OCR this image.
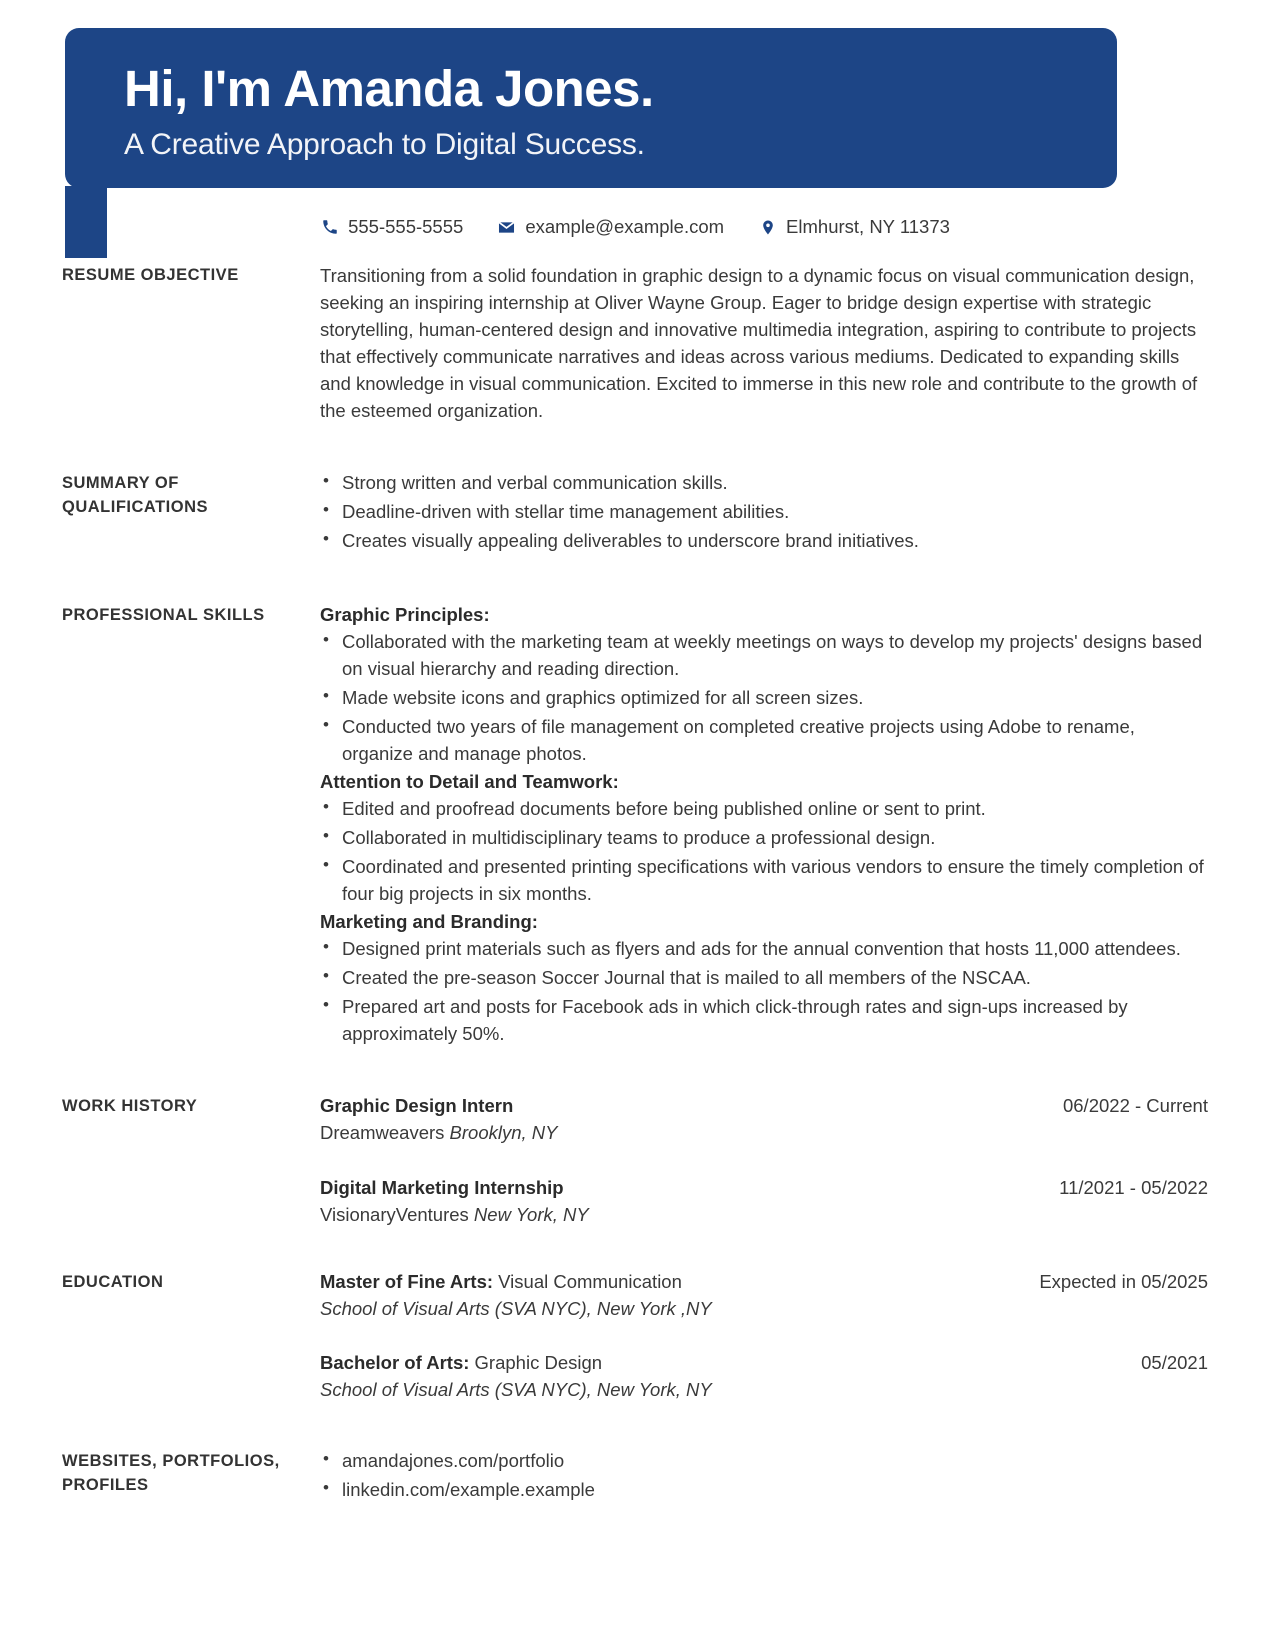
Hi, I'm Amanda Jones.
A Creative Approach to Digital Success.
555-555-5555	example@example.com	Elmhurst, NY 11373
RESUME OBJECTIVE	Transitioning from a solid foundation in graphic design to a dynamic focus on visual communication design, seeking an inspiring internship at Oliver Wayne Group. Eager to bridge design expertise with strategic storytelling, human-centered design and innovative multimedia integration, aspiring to contribute to projects that effectively communicate narratives and ideas across various mediums. Dedicated to expanding skills and knowledge in visual communication. Excited to immerse in this new role and contribute to the growth of the esteemed organization.

SUMMARY OF
QUALIFICATIONS
• Strong written and verbal communication skills.
• Deadline-driven with stellar time management abilities.
• Creates visually appealing deliverables to underscore brand initiatives.
PROFESSIONAL SKILLS	Graphic Principles:
• Collaborated with the marketing team at weekly meetings on ways to develop my projects' designs based on visual hierarchy and reading direction.
• Made website icons and graphics optimized for all screen sizes.
• Conducted two years of file management on completed creative projects using Adobe to rename, organize and manage photos.
Attention to Detail and Teamwork:
• Edited and proofread documents before being published online or sent to print.
• Collaborated in multidisciplinary teams to produce a professional design.
• Coordinated and presented printing specifications with various vendors to ensure the timely completion of four big projects in six months.
Marketing and Branding:
• Designed print materials such as flyers and ads for the annual convention that hosts 11,000 attendees.
• Created the pre-season Soccer Journal that is mailed to all members of the NSCAA.
• Prepared art and posts for Facebook ads in which click-through rates and sign-ups increased by approximately 50%.
WORK HISTORY	Graphic Design Intern	06/2022 - Current
Dreamweavers Brooklyn, NY
Digital Marketing Internship	11/2021 - 05/2022
VisionaryVentures New York, NY
EDUCATION	Master of Fine Arts: Visual Communication	Expected in 05/2025
School of Visual Arts (SVA NYC), New York ,NY
Bachelor of Arts: Graphic Design	05/2021
School of Visual Arts (SVA NYC), New York, NY
WEBSITES, PORTFOLIOS,
PROFILES
• amandajones.com/portfolio
• linkedin.com/example.example
